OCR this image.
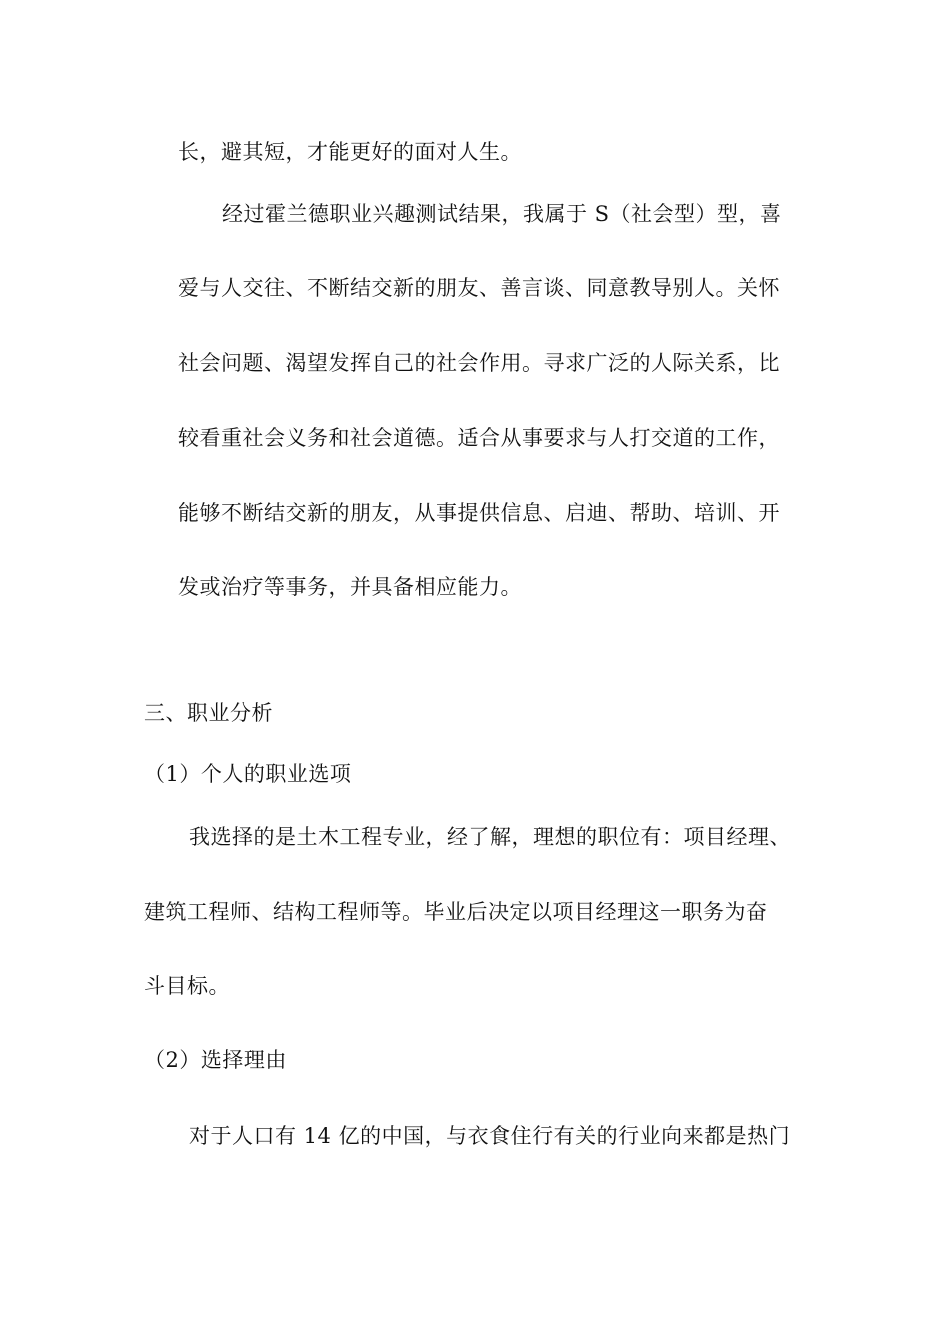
长，避其短，才能更好的面对人生。
经过霍兰德职业兴趣测试结果，我属于 S（社会型）型，喜
爱与人交往、不断结交新的朋友、善言谈、同意教导别人。关怀
社会问题、渴望发挥自己的社会作用。寻求广泛的人际关系，比
较看重社会义务和社会道德。适合从事要求与人打交道的工作，
能够不断结交新的朋友，从事提供信息、启迪、帮助、培训、开
发或治疗等事务，并具备相应能力。
三、职业分析
（1）个人的职业选项
我选择的是土木工程专业，经了解，理想的职位有：项目经理、
建筑工程师、结构工程师等。毕业后决定以项目经理这一职务为奋
斗目标。
（2）选择理由
对于人口有 14 亿的中国，与衣食住行有关的行业向来都是热门
